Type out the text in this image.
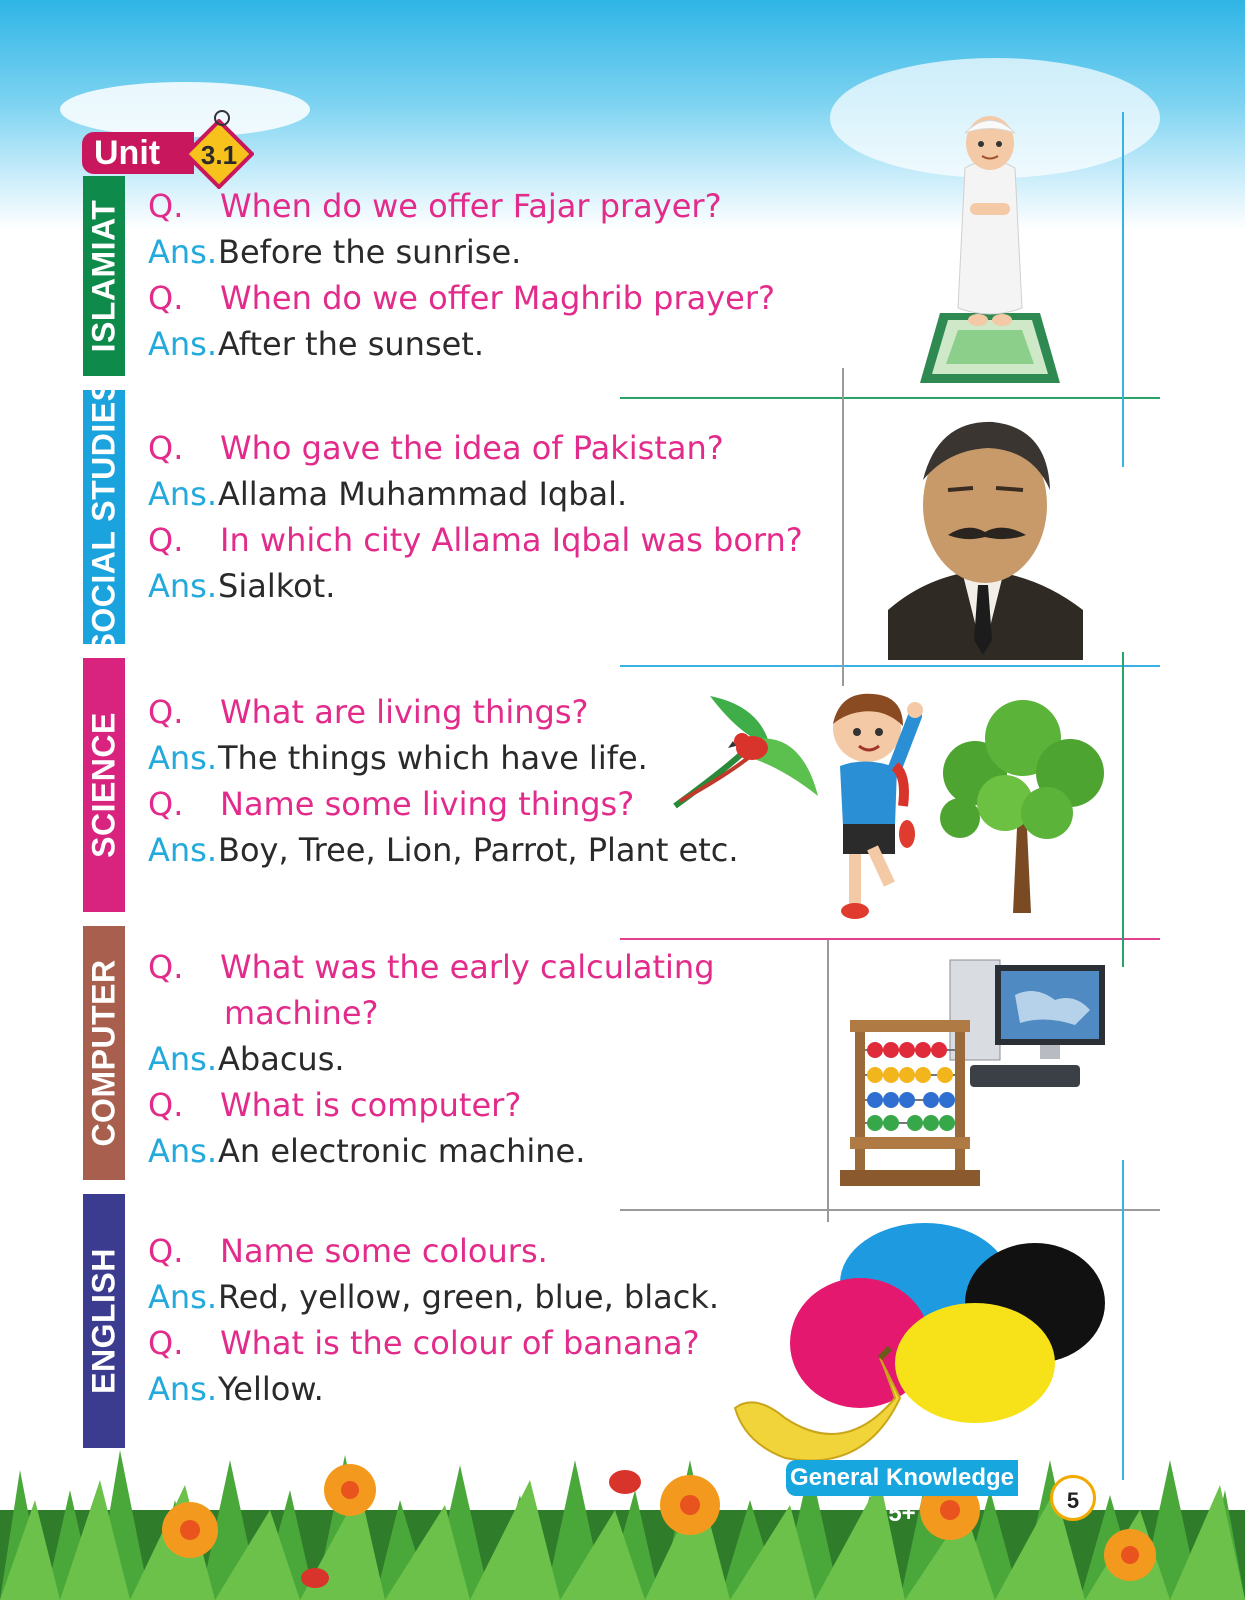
Unit	3.1
ISLAMIAT
SOCIAL STUDIES
SCIENCE
COMPUTER
ENGLISH
Q. When do we offer Fajar prayer?
Ans. Before the sunrise.
Q. When do we offer Maghrib prayer?
Ans. After the sunset.
Q. Who gave the idea of Pakistan?
Ans. Allama Muhammad Iqbal.
Q. In which city Allama Iqbal was born?
Ans. Sialkot.
Q. What are living things?
Ans. The things which have life.
Q. Name some living things?
Ans. Boy, Tree, Lion, Parrot, Plant etc.
Q. What was the early calculating
machine?
Ans. Abacus.
Q. What is computer?
Ans. An electronic machine.
Q. Name some colours.
Ans. Red, yellow, green, blue, black.
Q. What is the colour of banana?
Ans. Yellow.
General Knowledge 5+	5
